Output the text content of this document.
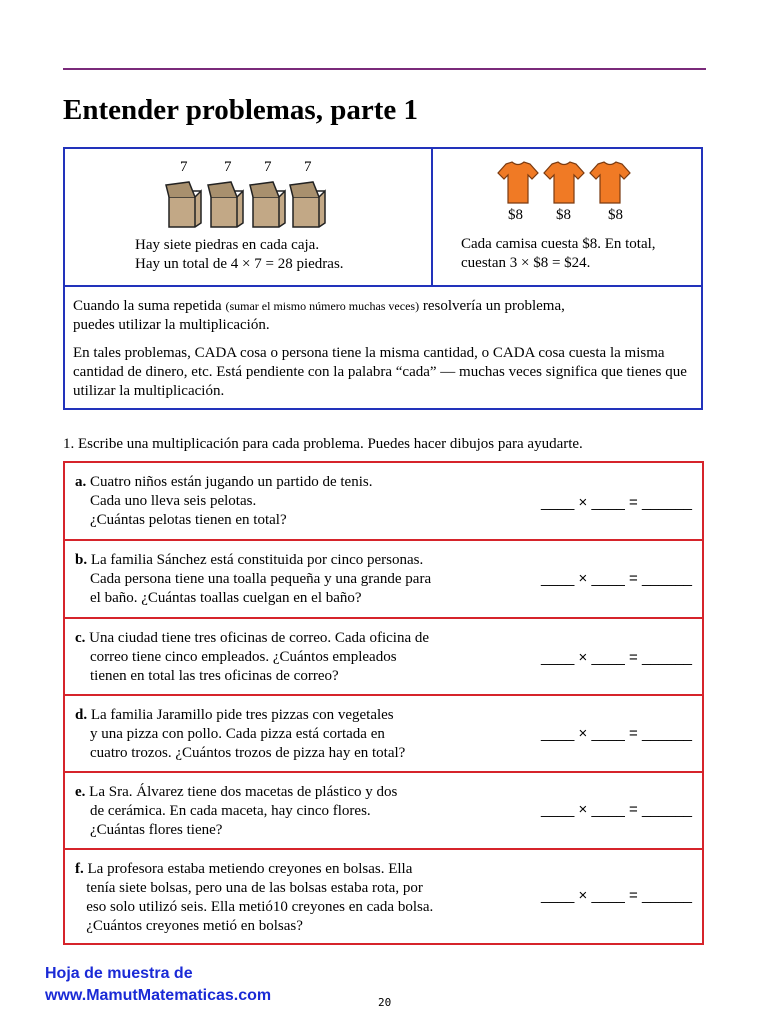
Entender problemas, parte 1
7 7 7 7
Hay siete piedras en cada caja.
Hay un total de 4 × 7 = 28 piedras.
$8 $8 $8
Cada camisa cuesta $8. En total,
cuestan 3 × $8 = $24.

Cuando la suma repetida (sumar el mismo número muchas veces) resolvería un problema,
puedes utilizar la multiplicación.

En tales problemas, CADA cosa o persona tiene la misma cantidad, o CADA cosa cuesta la misma cantidad de dinero, etc. Está pendiente con la palabra “cada” — muchas veces significa que tienes que utilizar la multiplicación.

1. Escribe una multiplicación para cada problema. Puedes hacer dibujos para ayudarte.
a. Cuatro niños están jugando un partido de tenis.
Cada uno lleva seis pelotas.
¿Cuántas pelotas tienen en total?
____ × ____ = ______
b. La familia Sánchez está constituida por cinco personas.
Cada persona tiene una toalla pequeña y una grande para
el baño. ¿Cuántas toallas cuelgan en el baño?
____ × ____ = ______
c. Una ciudad tiene tres oficinas de correo. Cada oficina de
correo tiene cinco empleados. ¿Cuántos empleados
tienen en total las tres oficinas de correo?
____ × ____ = ______
d. La familia Jaramillo pide tres pizzas con vegetales
y una pizza con pollo. Cada pizza está cortada en
cuatro trozos. ¿Cuántos trozos de pizza hay en total?
____ × ____ = ______
e. La Sra. Álvarez tiene dos macetas de plástico y dos
de cerámica. En cada maceta, hay cinco flores.
¿Cuántas flores tiene?
____ × ____ = ______
f. La profesora estaba metiendo creyones en bolsas. Ella
tenía siete bolsas, pero una de las bolsas estaba rota, por
eso solo utilizó seis. Ella metió10 creyones en cada bolsa.
¿Cuántos creyones metió en bolsas?
____ × ____ = ______
Hoja de muestra de
www.MamutMatematicas.com	20
